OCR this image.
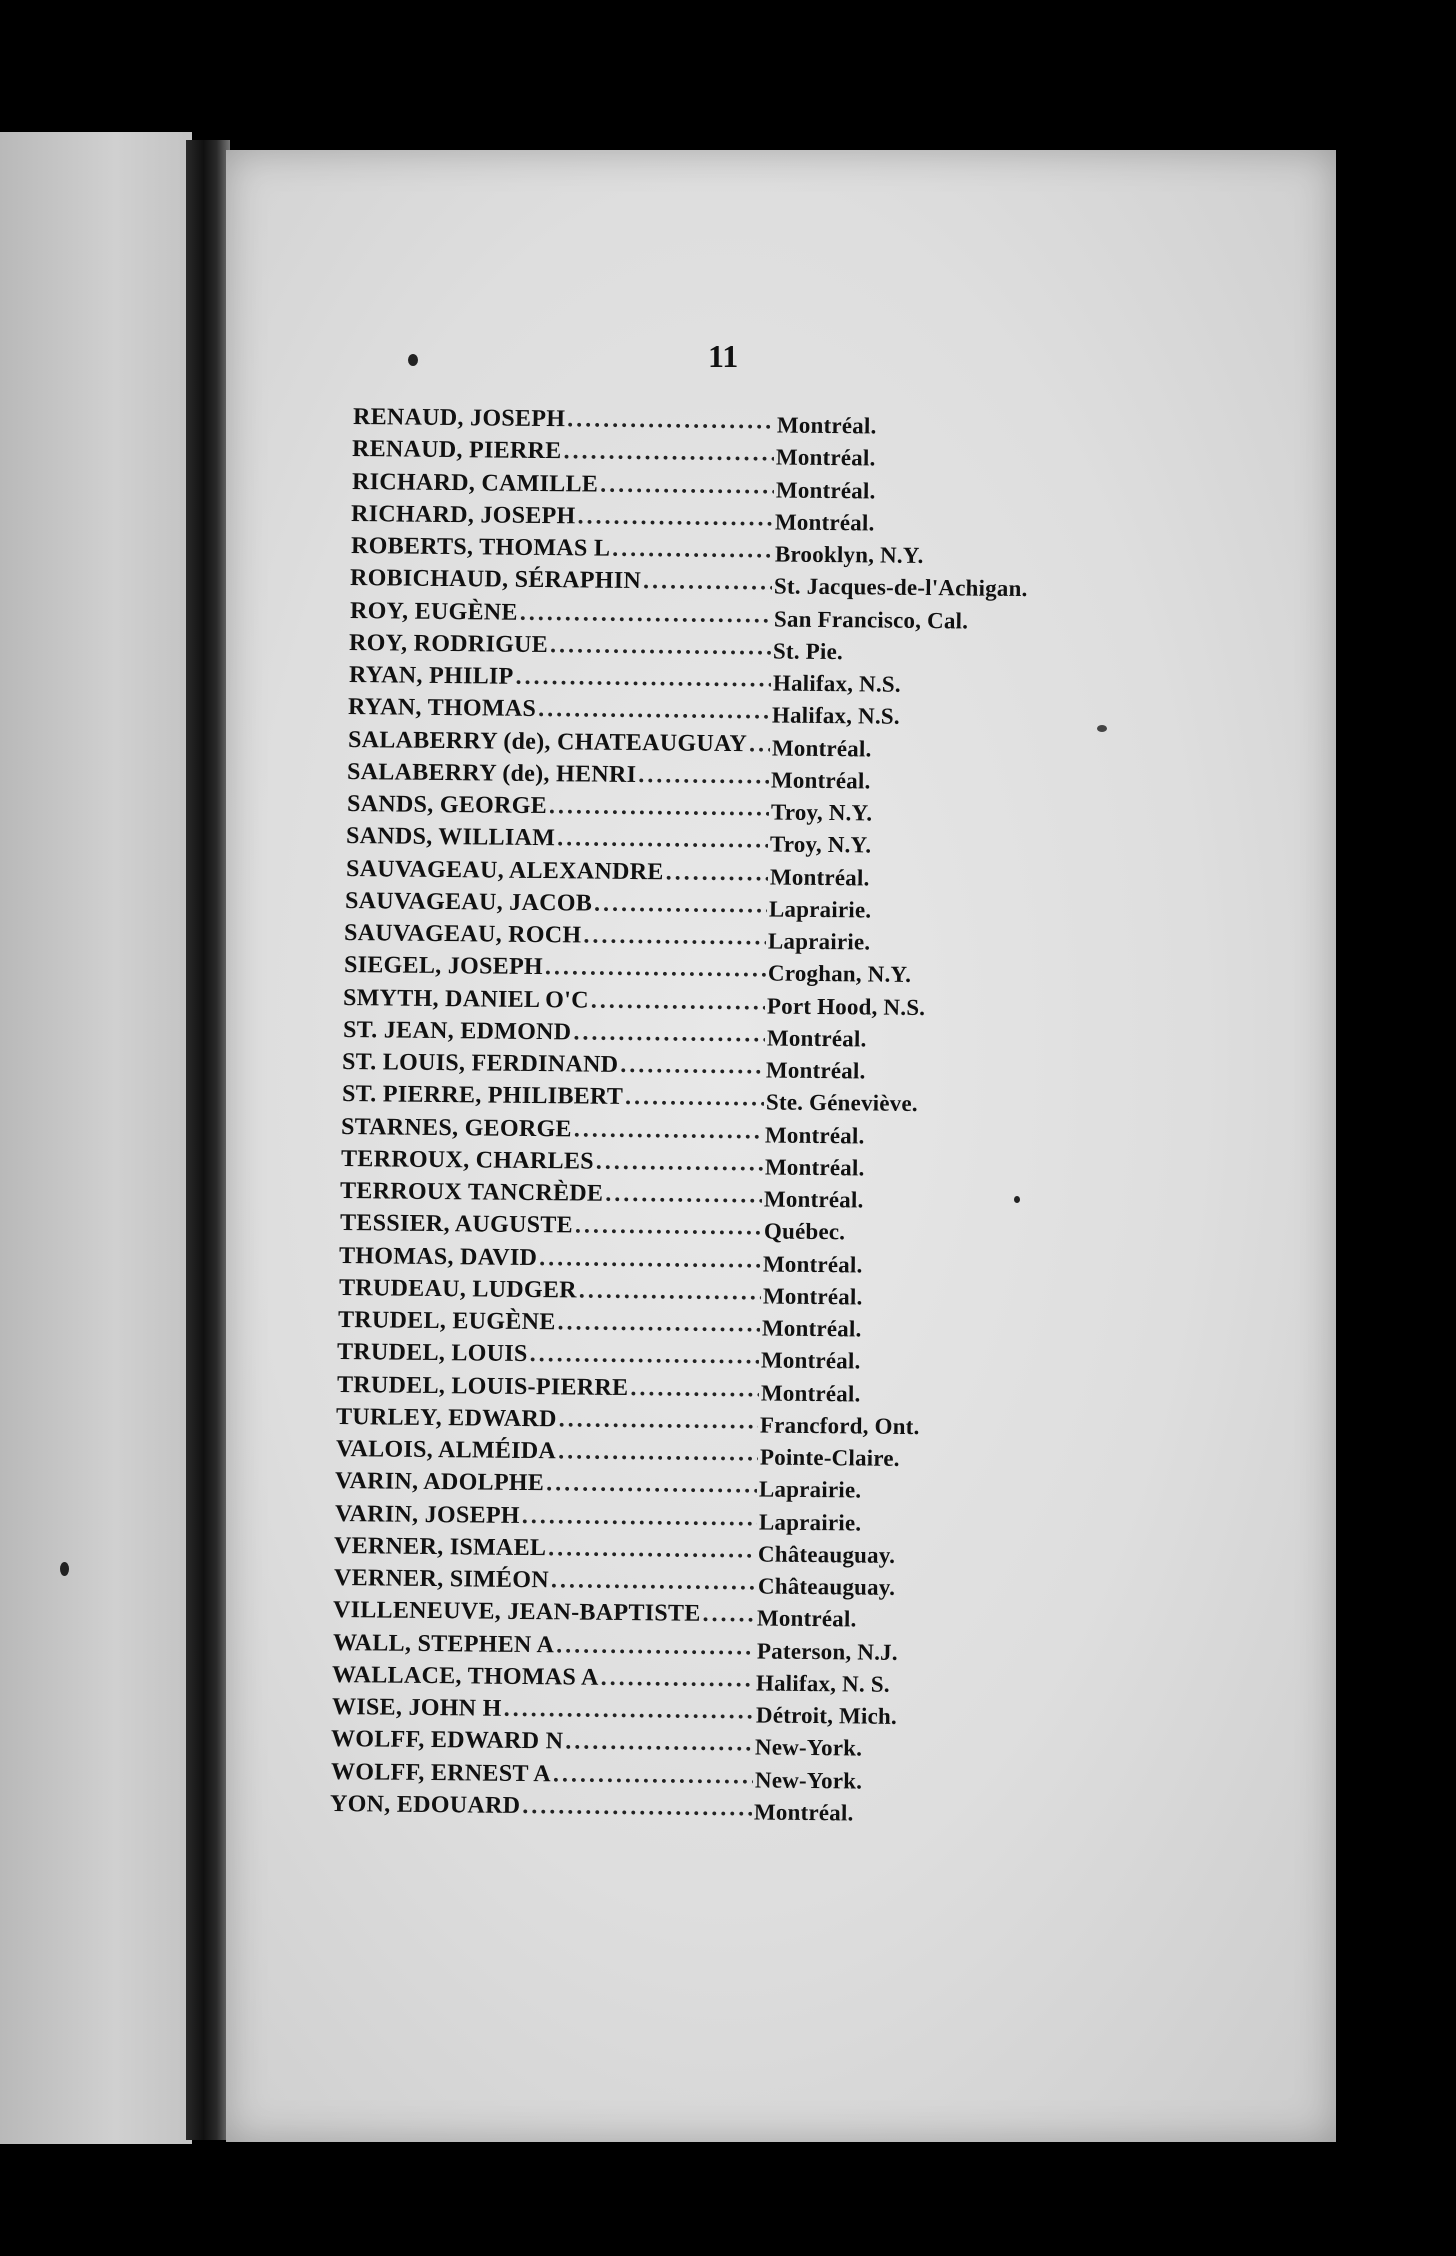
11
RENAUD, JOSEPH .....	Montréal.
RENAUD, PIERRE .....	Montréal.
RICHARD, CAMILLE .....	Montréal.
RICHARD, JOSEPH .....	Montréal.
ROBERTS, THOMAS L .....	Brooklyn, N.Y.
ROBICHAUD, SÉRAPHIN .....	St. Jacques-de-l'Achigan.
ROY, EUGÈNE .....	San Francisco, Cal.
ROY, RODRIGUE .....	St. Pie.
RYAN, PHILIP .....	Halifax, N.S.
RYAN, THOMAS .....	Halifax, N.S.
SALABERRY (de), CHATEAUGUAY ..... Montréal.
SALABERRY (de), HENRI .....	Montréal.
SANDS, GEORGE .....	Troy, N.Y.
SANDS, WILLIAM .....	Troy, N.Y.
SAUVAGEAU, ALEXANDRE .....	Montréal.
SAUVAGEAU, JACOB .....	Laprairie.
SAUVAGEAU, ROCH .....	Laprairie.
SIEGEL, JOSEPH .....	Croghan, N.Y.
SMYTH, DANIEL O'C .....	Port Hood, N.S.
ST. JEAN, EDMOND .....	Montréal.
ST. LOUIS, FERDINAND .....	Montréal.
ST. PIERRE, PHILIBERT .....	Ste. Géneviève.
STARNES, GEORGE .....	Montréal.
TERROUX, CHARLES .....	Montréal.
TERROUX TANCRÈDE .....	Montréal.
TESSIER, AUGUSTE .....	Québec.
THOMAS, DAVID .....	Montréal.
TRUDEAU, LUDGER .....	Montréal.
TRUDEL, EUGÈNE .....	Montréal.
TRUDEL, LOUIS .....	Montréal.
TRUDEL, LOUIS-PIERRE .....	Montréal.
TURLEY, EDWARD .....	Francford, Ont.
VALOIS, ALMÉIDA .....	Pointe-Claire.
VARIN, ADOLPHE .....	Laprairie.
VARIN, JOSEPH .....	Laprairie.
VERNER, ISMAEL .....	Châteauguay.
VERNER, SIMÉON .....	Châteauguay.
VILLENEUVE, JEAN-BAPTISTE ..... Montréal.
WALL, STEPHEN A .....	Paterson, N.J.
WALLACE, THOMAS A .....	Halifax, N. S.
WISE, JOHN H .....	Détroit, Mich.
WOLFF, EDWARD N .....	New-York.
WOLFF, ERNEST A .....	New-York.
YON, EDOUARD .....	Montréal.
